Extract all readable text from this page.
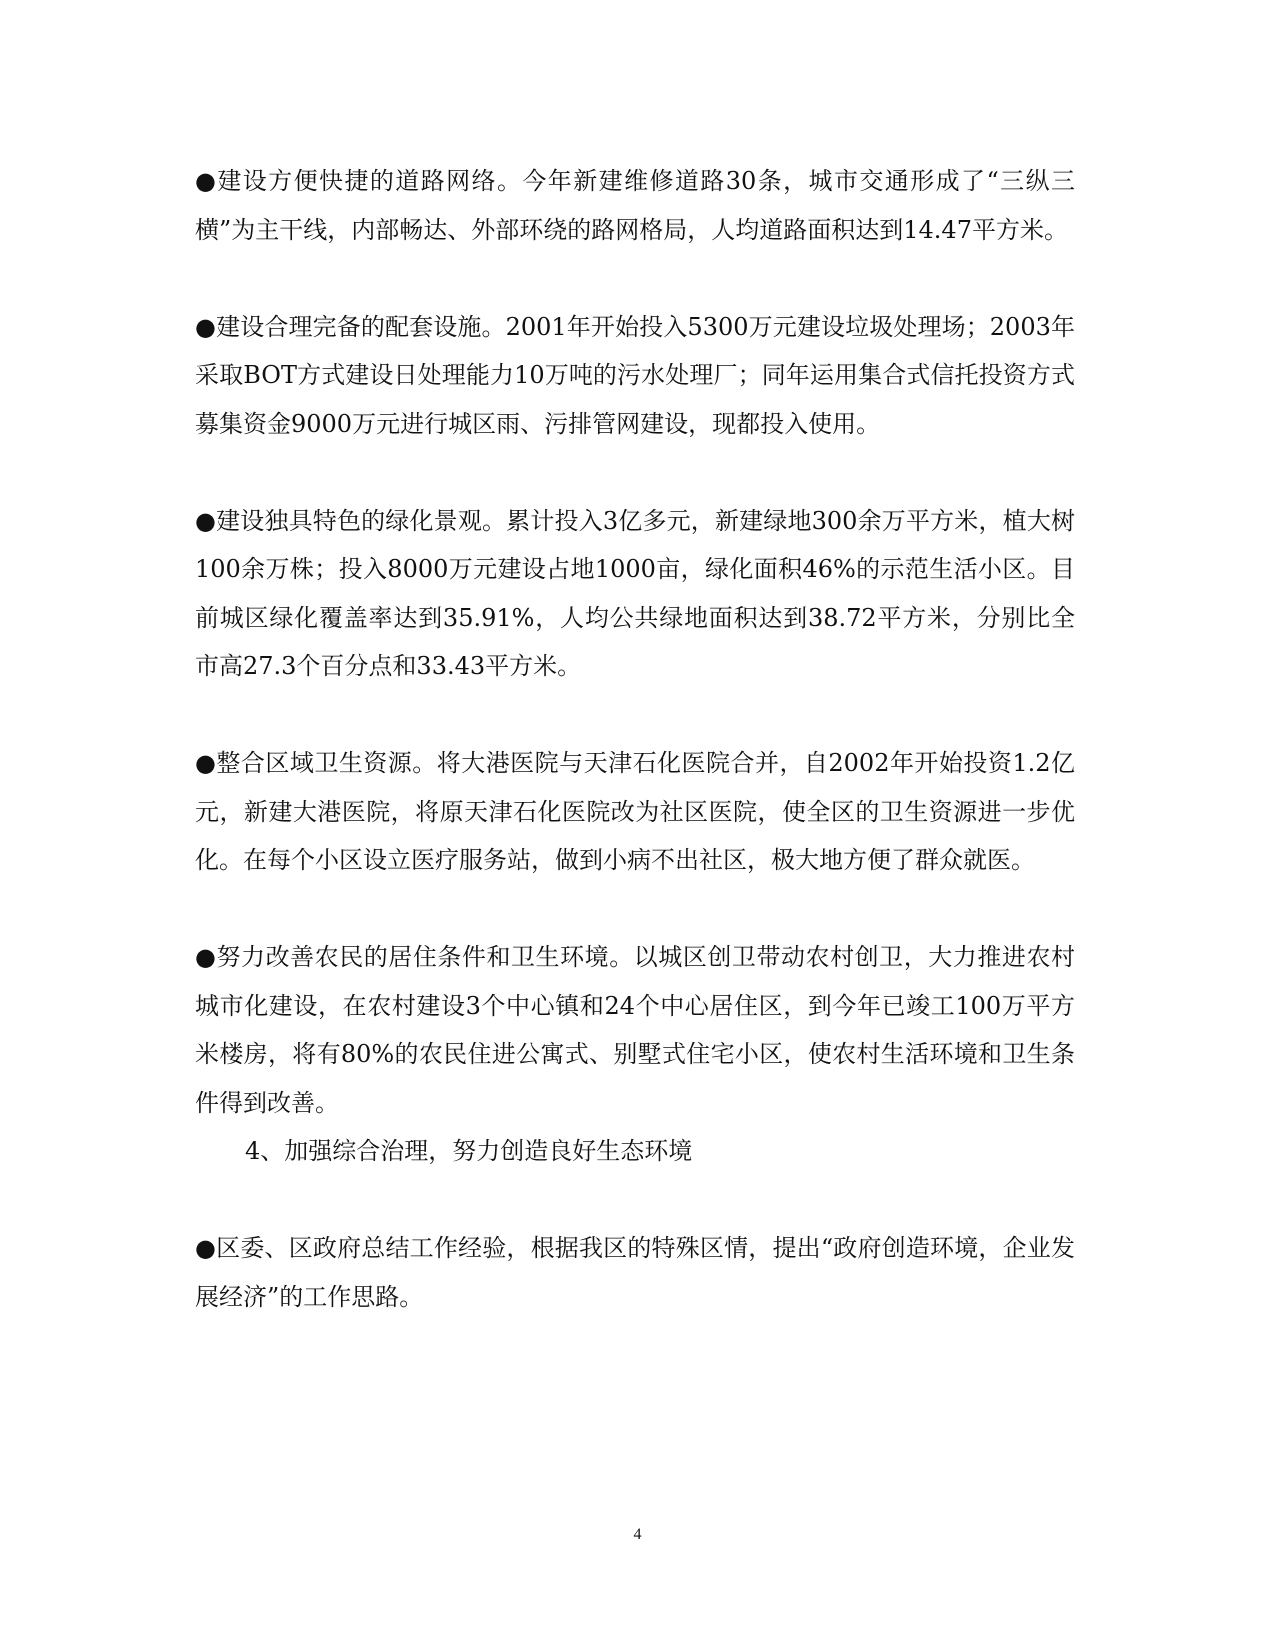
●建设方便快捷的道路网络。今年新建维修道路30条，城市交通形成了“三纵三横”为主干线，内部畅达、外部环绕的路网格局，人均道路面积达到14.47平方米。

●建设合理完备的配套设施。2001年开始投入5300万元建设垃圾处理场；2003年采取BOT方式建设日处理能力10万吨的污水处理厂；同年运用集合式信托投资方式募集资金9000万元进行城区雨、污排管网建设，现都投入使用。

●建设独具特色的绿化景观。累计投入3亿多元，新建绿地300余万平方米，植大树100余万株；投入8000万元建设占地1000亩，绿化面积46%的示范生活小区。目前城区绿化覆盖率达到35.91%，人均公共绿地面积达到38.72平方米，分别比全市高27.3个百分点和33.43平方米。

●整合区域卫生资源。将大港医院与天津石化医院合并，自2002年开始投资1.2亿元，新建大港医院，将原天津石化医院改为社区医院，使全区的卫生资源进一步优化。在每个小区设立医疗服务站，做到小病不出社区，极大地方便了群众就医。

●努力改善农民的居住条件和卫生环境。以城区创卫带动农村创卫，大力推进农村城市化建设，在农村建设3个中心镇和24个中心居住区，到今年已竣工100万平方米楼房，将有80%的农民住进公寓式、别墅式住宅小区，使农村生活环境和卫生条件得到改善。

4、加强综合治理，努力创造良好生态环境

●区委、区政府总结工作经验，根据我区的特殊区情，提出“政府创造环境，企业发展经济”的工作思路。

4
